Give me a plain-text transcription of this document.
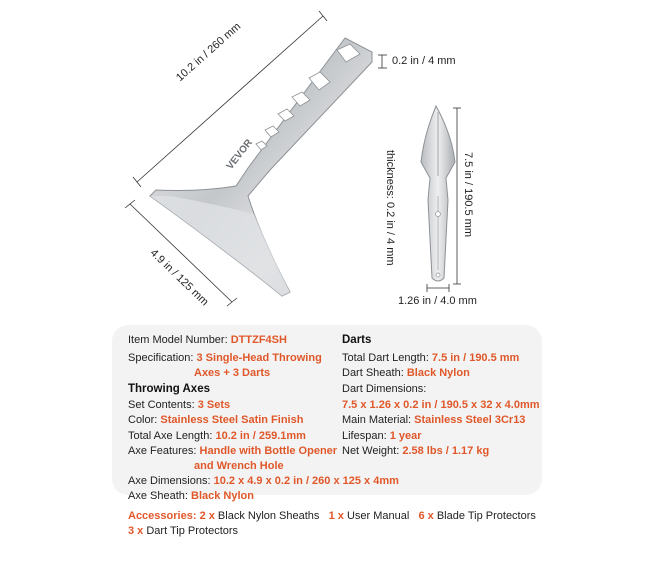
VEVOR
0.2 in / 4 mm
10.2 in / 260 mm
4.9 in / 125 mm
thickness: 0.2 in / 4 mm	7.5 in / 190.5 mm
1.26 in / 4.0 mm
Item Model Number: DTTZF4SH
Specification: 3 Single-Head Throwing
Axes + 3 Darts
Throwing Axes
Set Contents: 3 Sets
Color: Stainless Steel Satin Finish
Total Axe Length: 10.2 in / 259.1mm
Axe Features: Handle with Bottle Opener
and Wrench Hole
Axe Dimensions: 10.2 x 4.9 x 0.2 in / 260 x 125 x 4mm
Axe Sheath: Black Nylon
Darts
Total Dart Length: 7.5 in / 190.5 mm
Dart Sheath: Black Nylon
Dart Dimensions:
7.5 x 1.26 x 0.2 in / 190.5 x 32 x 4.0mm
Main Material: Stainless Steel 3Cr13
Lifespan: 1 year
Net Weight: 2.58 lbs / 1.17 kg
Accessories: 2 x Black Nylon Sheaths 1 x User Manual 6 x Blade Tip Protectors
3 x Dart Tip Protectors
